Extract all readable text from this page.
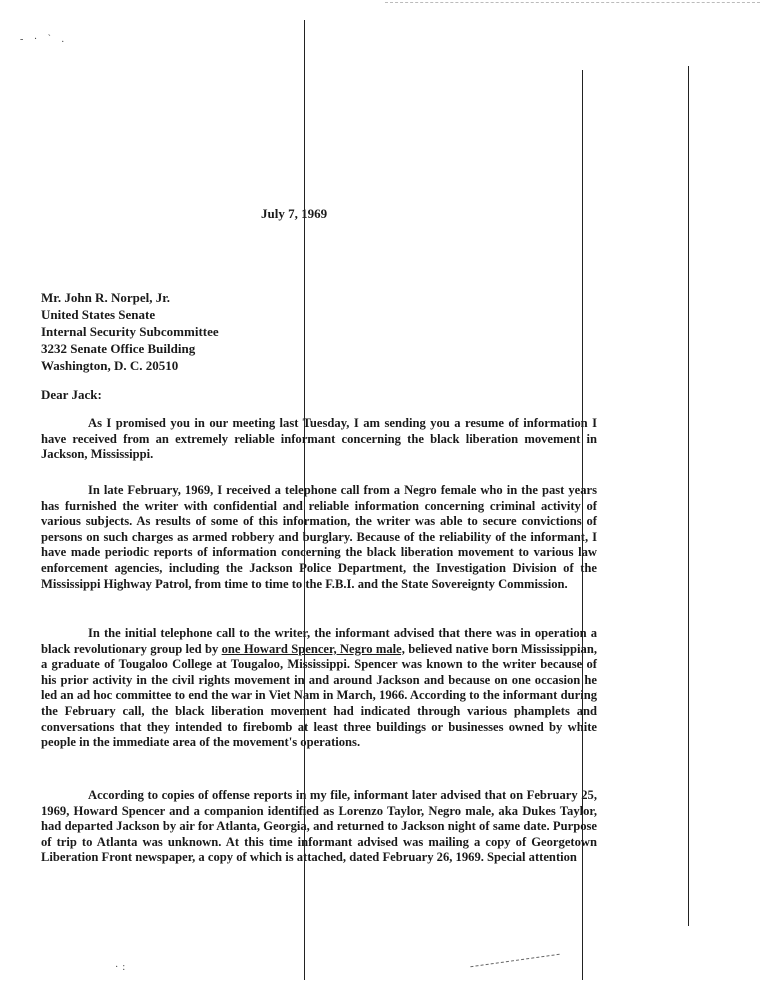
- · ` .
July 7, 1969
Mr. John R. Norpel, Jr.
United States Senate
Internal Security Subcommittee
3232 Senate Office Building
Washington, D. C. 20510
Dear Jack:

As I promised you in our meeting last Tuesday, I am sending you a resume of information I have received from an extremely reliable informant concerning the black liberation movement in Jackson, Mississippi.

In late February, 1969, I received a telephone call from a Negro female who in the past years has furnished the writer with confidential and reliable information concerning criminal activity of various subjects. As results of some of this information, the writer was able to secure convictions of persons on such charges as armed robbery and burglary. Because of the reliability of the informant, I have made periodic reports of information concerning the black liberation movement to various law enforcement agencies, including the Jackson Police Department, the Investigation Division of the Mississippi Highway Patrol, from time to time to the F.B.I. and the State Sovereignty Commission.

In the initial telephone call to the writer, the informant advised that there was in operation a black revolutionary group led by one Howard Spencer, Negro male, believed native born Mississippian, a graduate of Tougaloo College at Tougaloo, Mississippi. Spencer was known to the writer because of his prior activity in the civil rights movement in and around Jackson and because on one occasion he led an ad hoc committee to end the war in Viet Nam in March, 1966. According to the informant during the February call, the black liberation movement had indicated through various phamplets and conversations that they intended to firebomb at least three buildings or businesses owned by white people in the immediate area of the movement's operations.

According to copies of offense reports in my file, informant later advised that on February 25, 1969, Howard Spencer and a companion identified as Lorenzo Taylor, Negro male, aka Dukes Taylor, had departed Jackson by air for Atlanta, Georgia, and returned to Jackson night of same date. Purpose of trip to Atlanta was unknown. At this time informant advised was mailing a copy of Georgetown Liberation Front newspaper, a copy of which is attached, dated February 26, 1969. Special attention

·:
